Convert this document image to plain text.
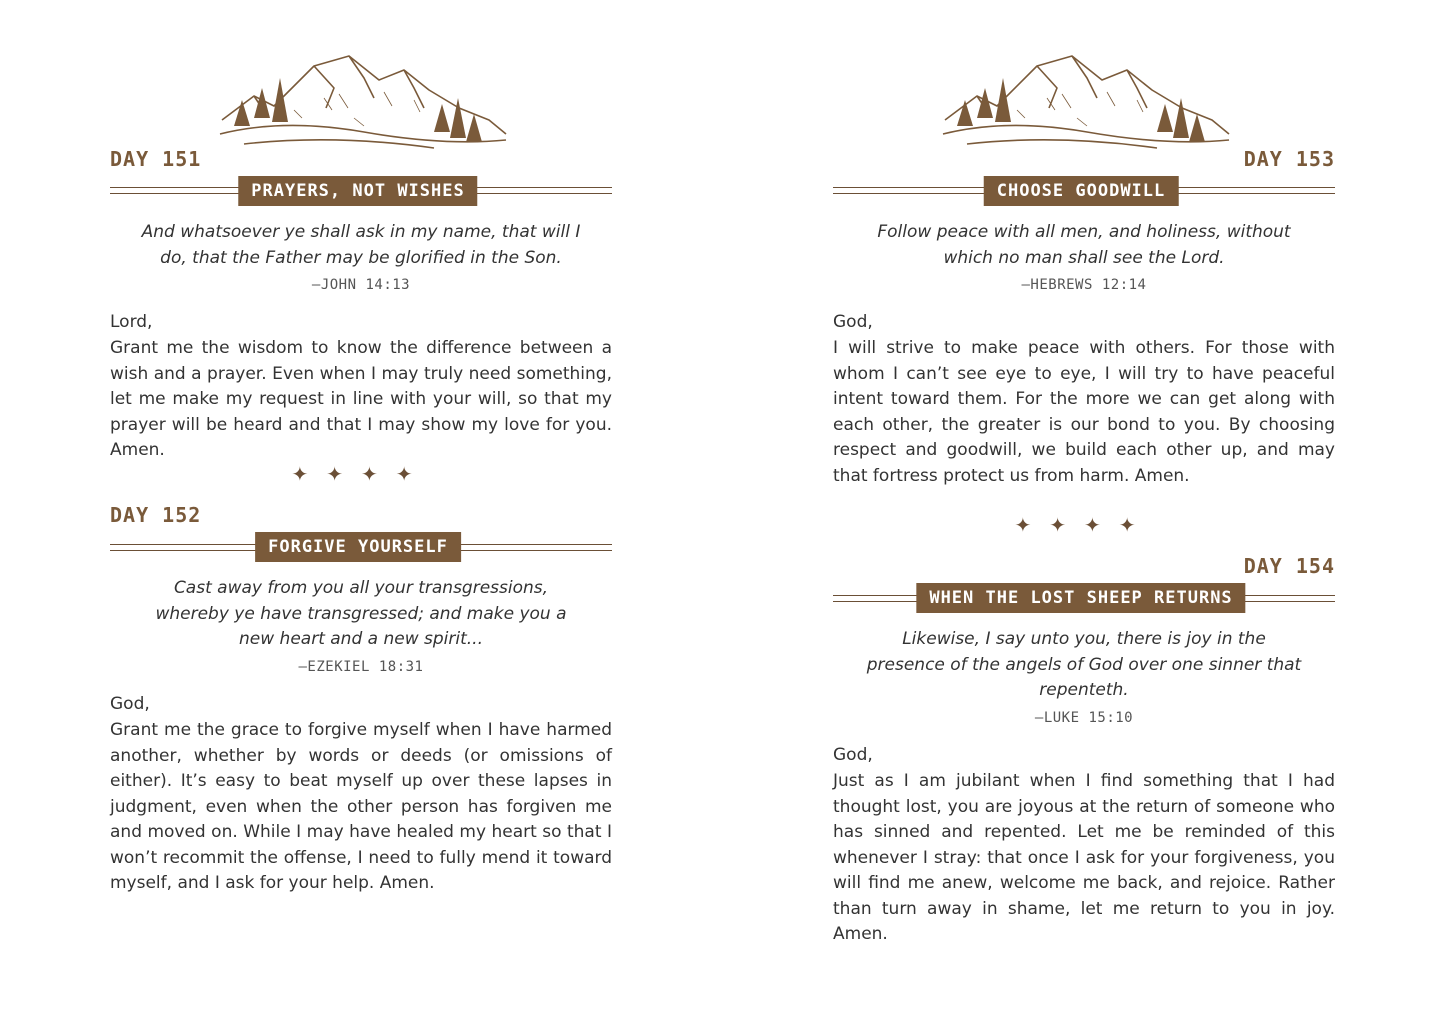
DAY 151
PRAYERS, NOT WISHES
And whatsoever ye shall ask in my name, that will I do, that the Father may be glorified in the Son.
–JOHN 14:13
Lord,
Grant me the wisdom to know the difference between a wish and a prayer. Even when I may truly need something, let me make my request in line with your will, so that my prayer will be heard and that I may show my love for you. Amen.
✦✦✦✦
DAY 152
FORGIVE YOURSELF
Cast away from you all your transgressions, whereby ye have transgressed; and make you a new heart and a new spirit...
–EZEKIEL 18:31
God,
Grant me the grace to forgive myself when I have harmed another, whether by words or deeds (or omissions of either). It’s easy to beat myself up over these lapses in judgment, even when the other person has forgiven me and moved on. While I may have healed my heart so that I won’t recommit the offense, I need to fully mend it toward myself, and I ask for your help. Amen.
DAY 153
CHOOSE GOODWILL
Follow peace with all men, and holiness, without which no man shall see the Lord.
–HEBREWS 12:14
God,
I will strive to make peace with others. For those with whom I can’t see eye to eye, I will try to have peaceful intent toward them. For the more we can get along with each other, the greater is our bond to you. By choosing respect and goodwill, we build each other up, and may that fortress protect us from harm. Amen.
✦✦✦✦
DAY 154
WHEN THE LOST SHEEP RETURNS
Likewise, I say unto you, there is joy in the presence of the angels of God over one sinner that repenteth.
–LUKE 15:10
God,
Just as I am jubilant when I find something that I had thought lost, you are joyous at the return of someone who has sinned and repented. Let me be reminded of this whenever I stray: that once I ask for your forgiveness, you will find me anew, welcome me back, and rejoice. Rather than turn away in shame, let me return to you in joy. Amen.
